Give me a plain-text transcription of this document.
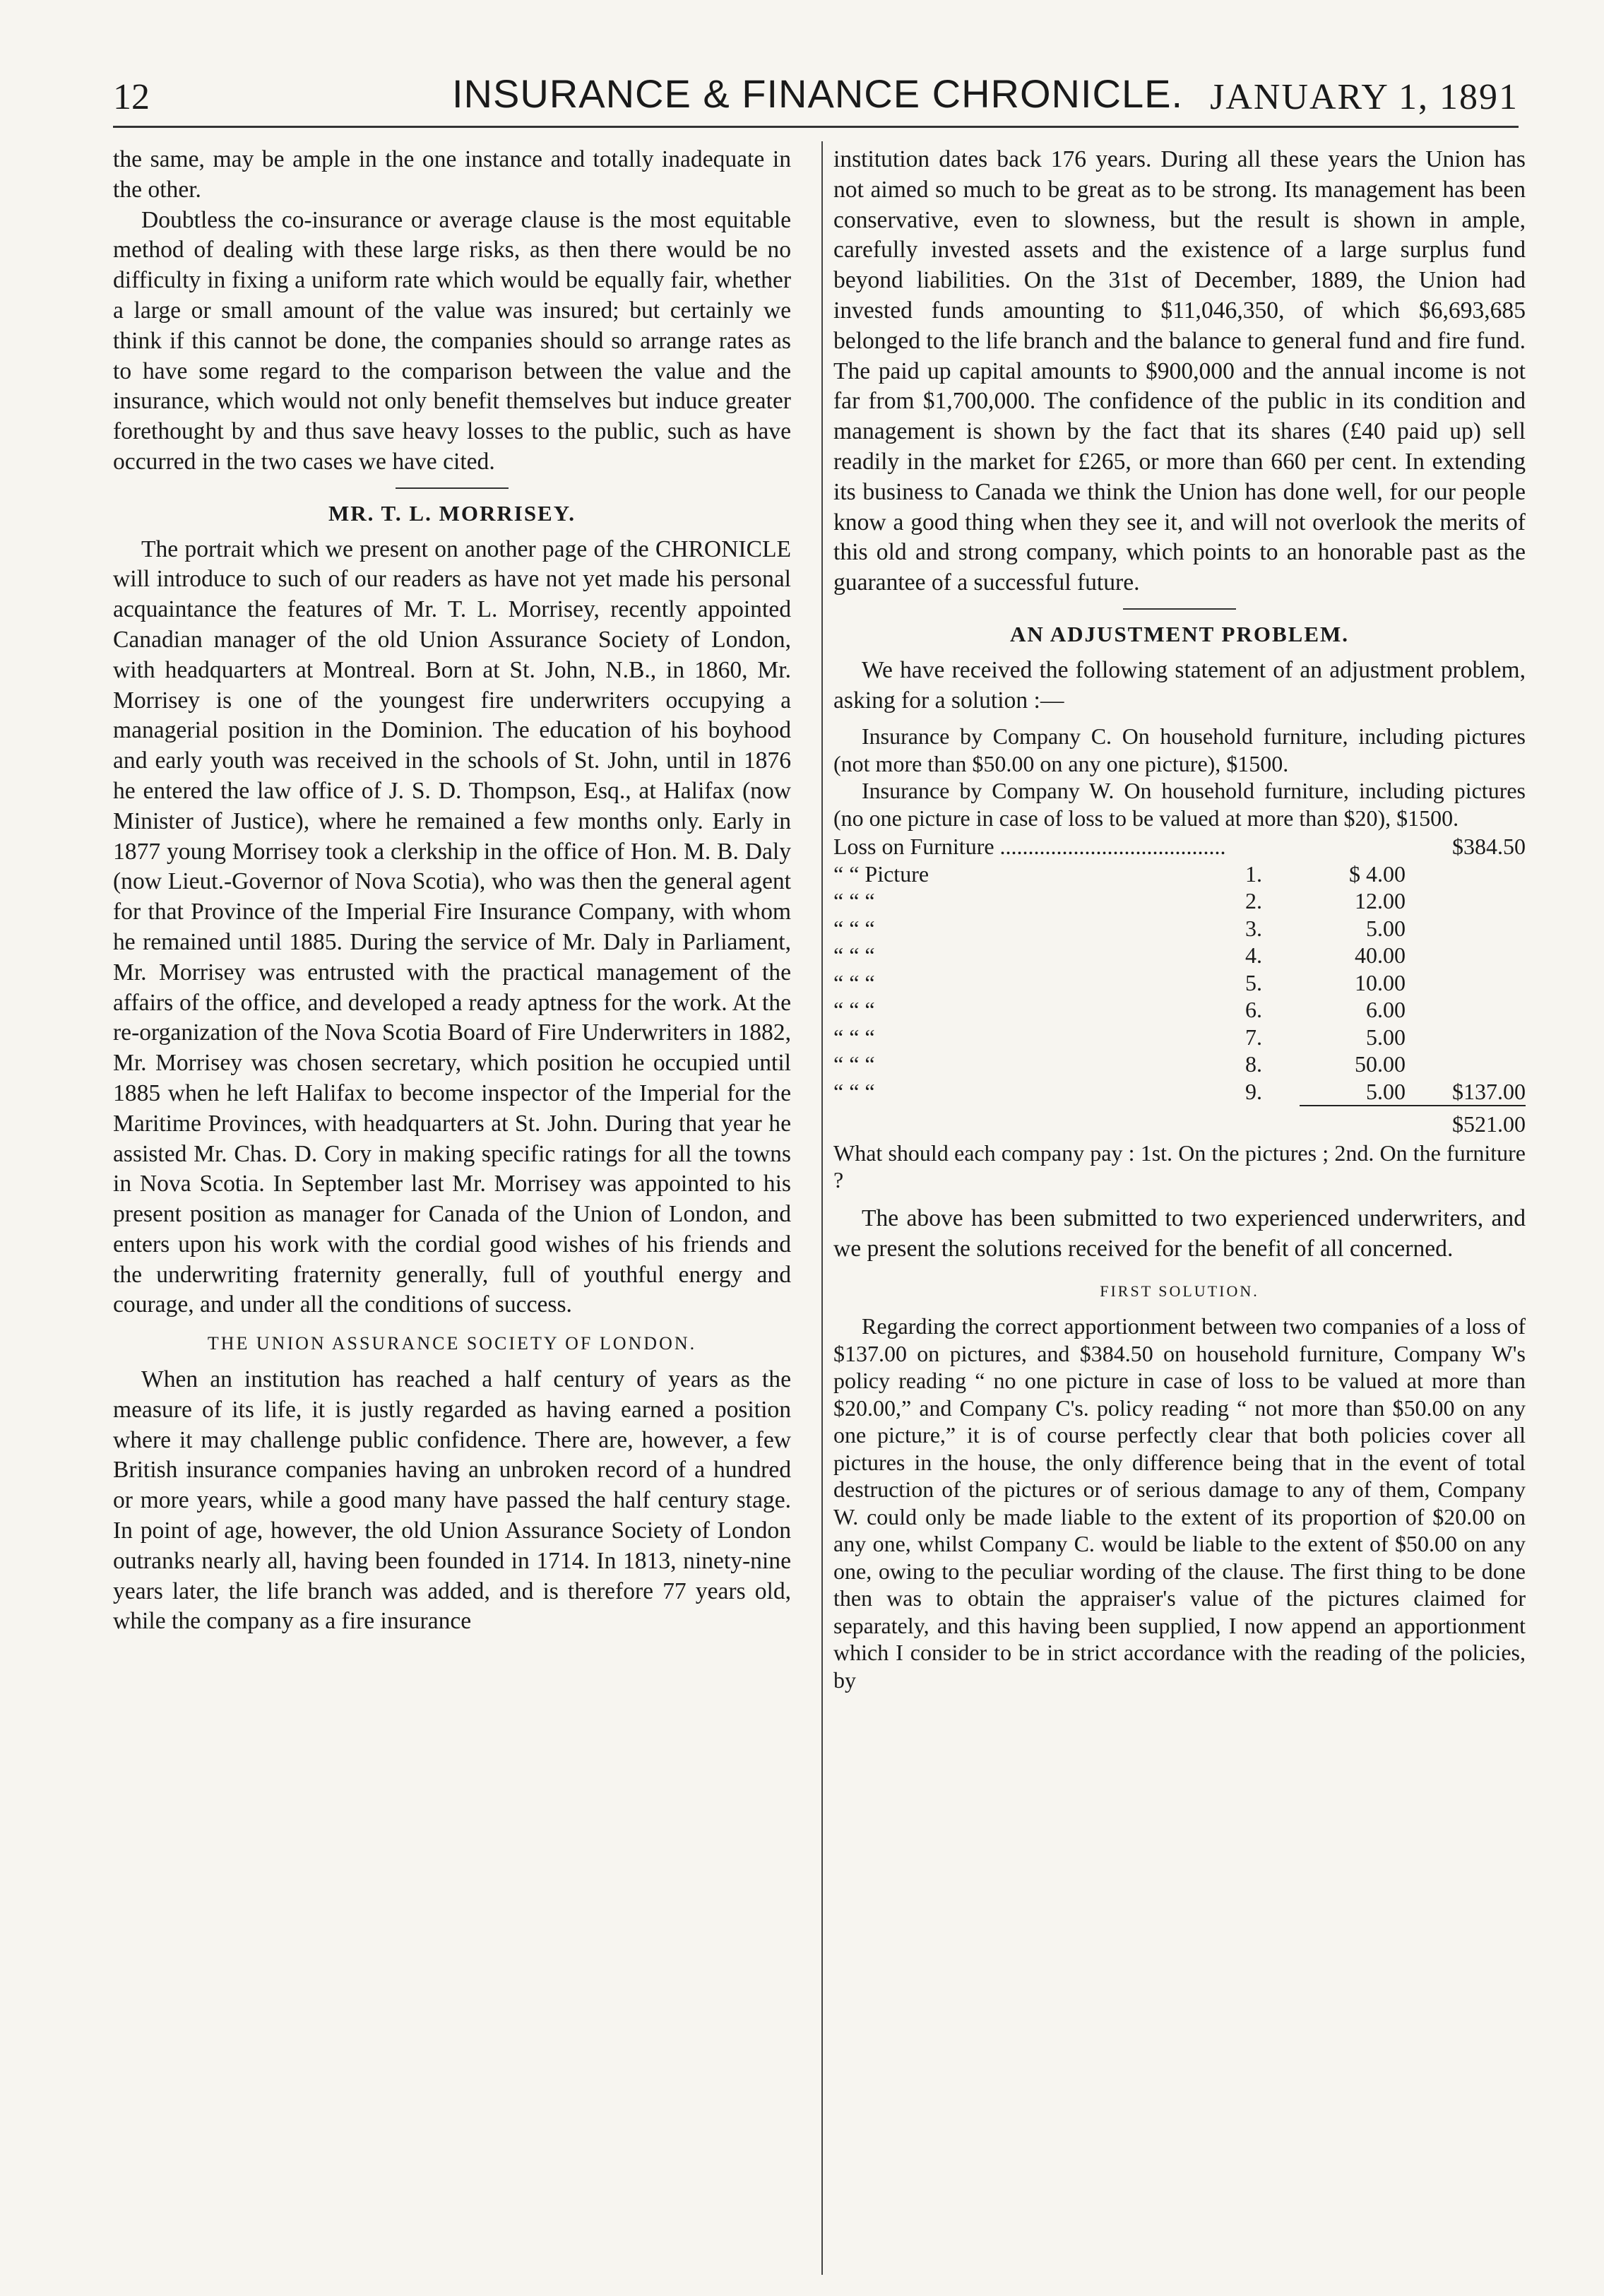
12	INSURANCE & FINANCE CHRONICLE. JANUARY 1, 1891

the same, may be ample in the one instance and totally inadequate in the other.

Doubtless the co-insurance or average clause is the most equitable method of dealing with these large risks, as then there would be no difficulty in fixing a uniform rate which would be equally fair, whether a large or small amount of the value was insured; but certainly we think if this cannot be done, the companies should so arrange rates as to have some regard to the comparison between the value and the insurance, which would not only benefit themselves but induce greater forethought by and thus save heavy losses to the public, such as have occurred in the two cases we have cited.

MR. T. L. MORRISEY.

The portrait which we present on another page of the CHRONICLE will introduce to such of our readers as have not yet made his personal acquaintance the features of Mr. T. L. Morrisey, recently appointed Canadian manager of the old Union Assurance Society of London, with headquarters at Montreal. Born at St. John, N.B., in 1860, Mr. Morrisey is one of the youngest fire underwriters occupying a managerial position in the Dominion. The education of his boyhood and early youth was received in the schools of St. John, until in 1876 he entered the law office of J. S. D. Thompson, Esq., at Halifax (now Minister of Justice), where he remained a few months only. Early in 1877 young Morrisey took a clerkship in the office of Hon. M. B. Daly (now Lieut.-Governor of Nova Scotia), who was then the general agent for that Province of the Imperial Fire Insurance Company, with whom he remained until 1885. During the service of Mr. Daly in Parliament, Mr. Morrisey was entrusted with the practical management of the affairs of the office, and developed a ready aptness for the work. At the re-organization of the Nova Scotia Board of Fire Underwriters in 1882, Mr. Morrisey was chosen secretary, which position he occupied until 1885 when he left Halifax to become inspector of the Imperial for the Maritime Provinces, with headquarters at St. John. During that year he assisted Mr. Chas. D. Cory in making specific ratings for all the towns in Nova Scotia. In September last Mr. Morrisey was appointed to his present position as manager for Canada of the Union of London, and enters upon his work with the cordial good wishes of his friends and the underwriting fraternity generally, full of youthful energy and courage, and under all the conditions of success.

THE UNION ASSURANCE SOCIETY OF LONDON.

When an institution has reached a half century of years as the measure of its life, it is justly regarded as having earned a position where it may challenge public confidence. There are, however, a few British insurance companies having an unbroken record of a hundred or more years, while a good many have passed the half century stage. In point of age, however, the old Union Assurance Society of London outranks nearly all, having been founded in 1714. In 1813, ninety-nine years later, the life branch was added, and is therefore 77 years old, while the company as a fire insurance

institution dates back 176 years. During all these years the Union has not aimed so much to be great as to be strong. Its management has been conservative, even to slowness, but the result is shown in ample, carefully invested assets and the existence of a large surplus fund beyond liabilities. On the 31st of December, 1889, the Union had invested funds amounting to $11,046,350, of which $6,693,685 belonged to the life branch and the balance to general fund and fire fund. The paid up capital amounts to $900,000 and the annual income is not far from $1,700,000. The confidence of the public in its condition and management is shown by the fact that its shares (£40 paid up) sell readily in the market for £265, or more than 660 per cent. In extending its business to Canada we think the Union has done well, for our people know a good thing when they see it, and will not overlook the merits of this old and strong company, which points to an honorable past as the guarantee of a successful future.

AN ADJUSTMENT PROBLEM.

We have received the following statement of an adjustment problem, asking for a solution :—

Insurance by Company C. On household furniture, including pictures (not more than $50.00 on any one picture), $1500.

Insurance by Company W. On household furniture, including pictures (no one picture in case of loss to be valued at more than $20), $1500.

Loss on Furniture ........................................			$384.50
“ “ Picture	1.	$ 4.00	
“ “ “	2.	12.00	
“ “ “	3.	5.00	
“ “ “	4.	40.00	
“ “ “	5.	10.00	
“ “ “	6.	6.00	
“ “ “	7.	5.00	
“ “ “	8.	50.00	
“ “ “	9.	5.00	$137.00
			$521.00

What should each company pay : 1st. On the pictures ; 2nd. On the furniture ?

The above has been submitted to two experienced underwriters, and we present the solutions received for the benefit of all concerned.

FIRST SOLUTION.

Regarding the correct apportionment between two companies of a loss of $137.00 on pictures, and $384.50 on household furniture, Company W's policy reading “ no one picture in case of loss to be valued at more than $20.00,” and Company C's. policy reading “ not more than $50.00 on any one picture,” it is of course perfectly clear that both policies cover all pictures in the house, the only difference being that in the event of total destruction of the pictures or of serious damage to any of them, Company W. could only be made liable to the extent of its proportion of $20.00 on any one, whilst Company C. would be liable to the extent of $50.00 on any one, owing to the peculiar wording of the clause. The first thing to be done then was to obtain the appraiser's value of the pictures claimed for separately, and this having been supplied, I now append an apportionment which I consider to be in strict accordance with the reading of the policies, by
